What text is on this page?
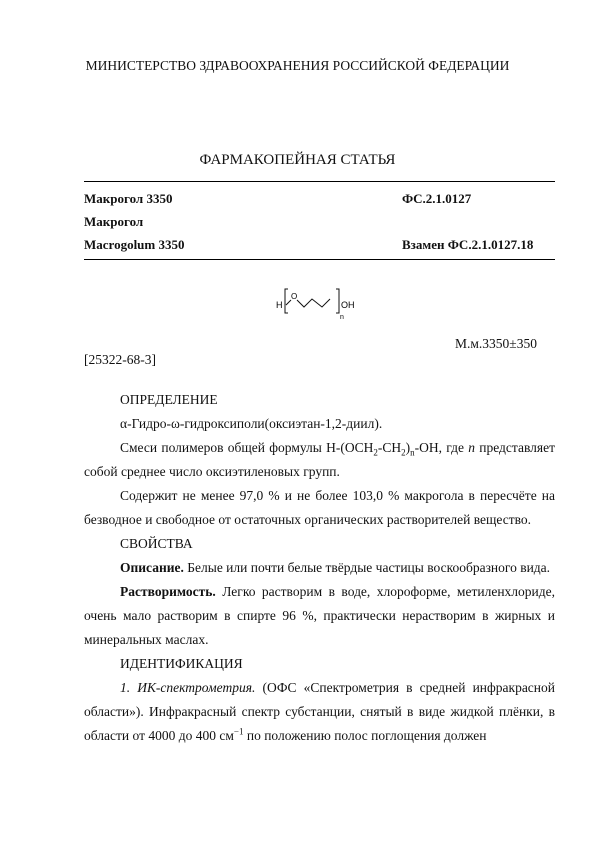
МИНИСТЕРСТВО ЗДРАВООХРАНЕНИЯ РОССИЙСКОЙ ФЕДЕРАЦИИ
ФАРМАКОПЕЙНАЯ СТАТЬЯ
Макрогол 3350	ФС.2.1.0127
Макрогол
Macrogolum 3350	Взамен ФС.2.1.0127.18
H
O
OH
n
М.м.3350±350
[25322-68-3]

ОПРЕДЕЛЕНИЕ

α-Гидро-ω-гидроксиполи(оксиэтан-1,2-диил).

Смеси полимеров общей формулы $H-(OCH_2-CH_2)_n-OH$, где n представляет собой среднее число оксиэтиленовых групп.

Содержит не менее 97,0 % и не более 103,0 % макрогола в пересчёте на безводное и свободное от остаточных органических растворителей вещество.

СВОЙСТВА

Описание. Белые или почти белые твёрдые частицы воскообразного вида.

Растворимость. Легко растворим в воде, хлороформе, метиленхлориде, очень мало растворим в спирте 96 %, практически нерастворим в жирных и минеральных маслах.

ИДЕНТИФИКАЦИЯ

1. ИК-спектрометрия. (ОФС «Спектрометрия в средней инфракрасной области»). Инфракрасный спектр субстанции, снятый в виде жидкой плёнки, в области от 4000 до 400 $см^{-1}$ по положению полос поглощения должен
